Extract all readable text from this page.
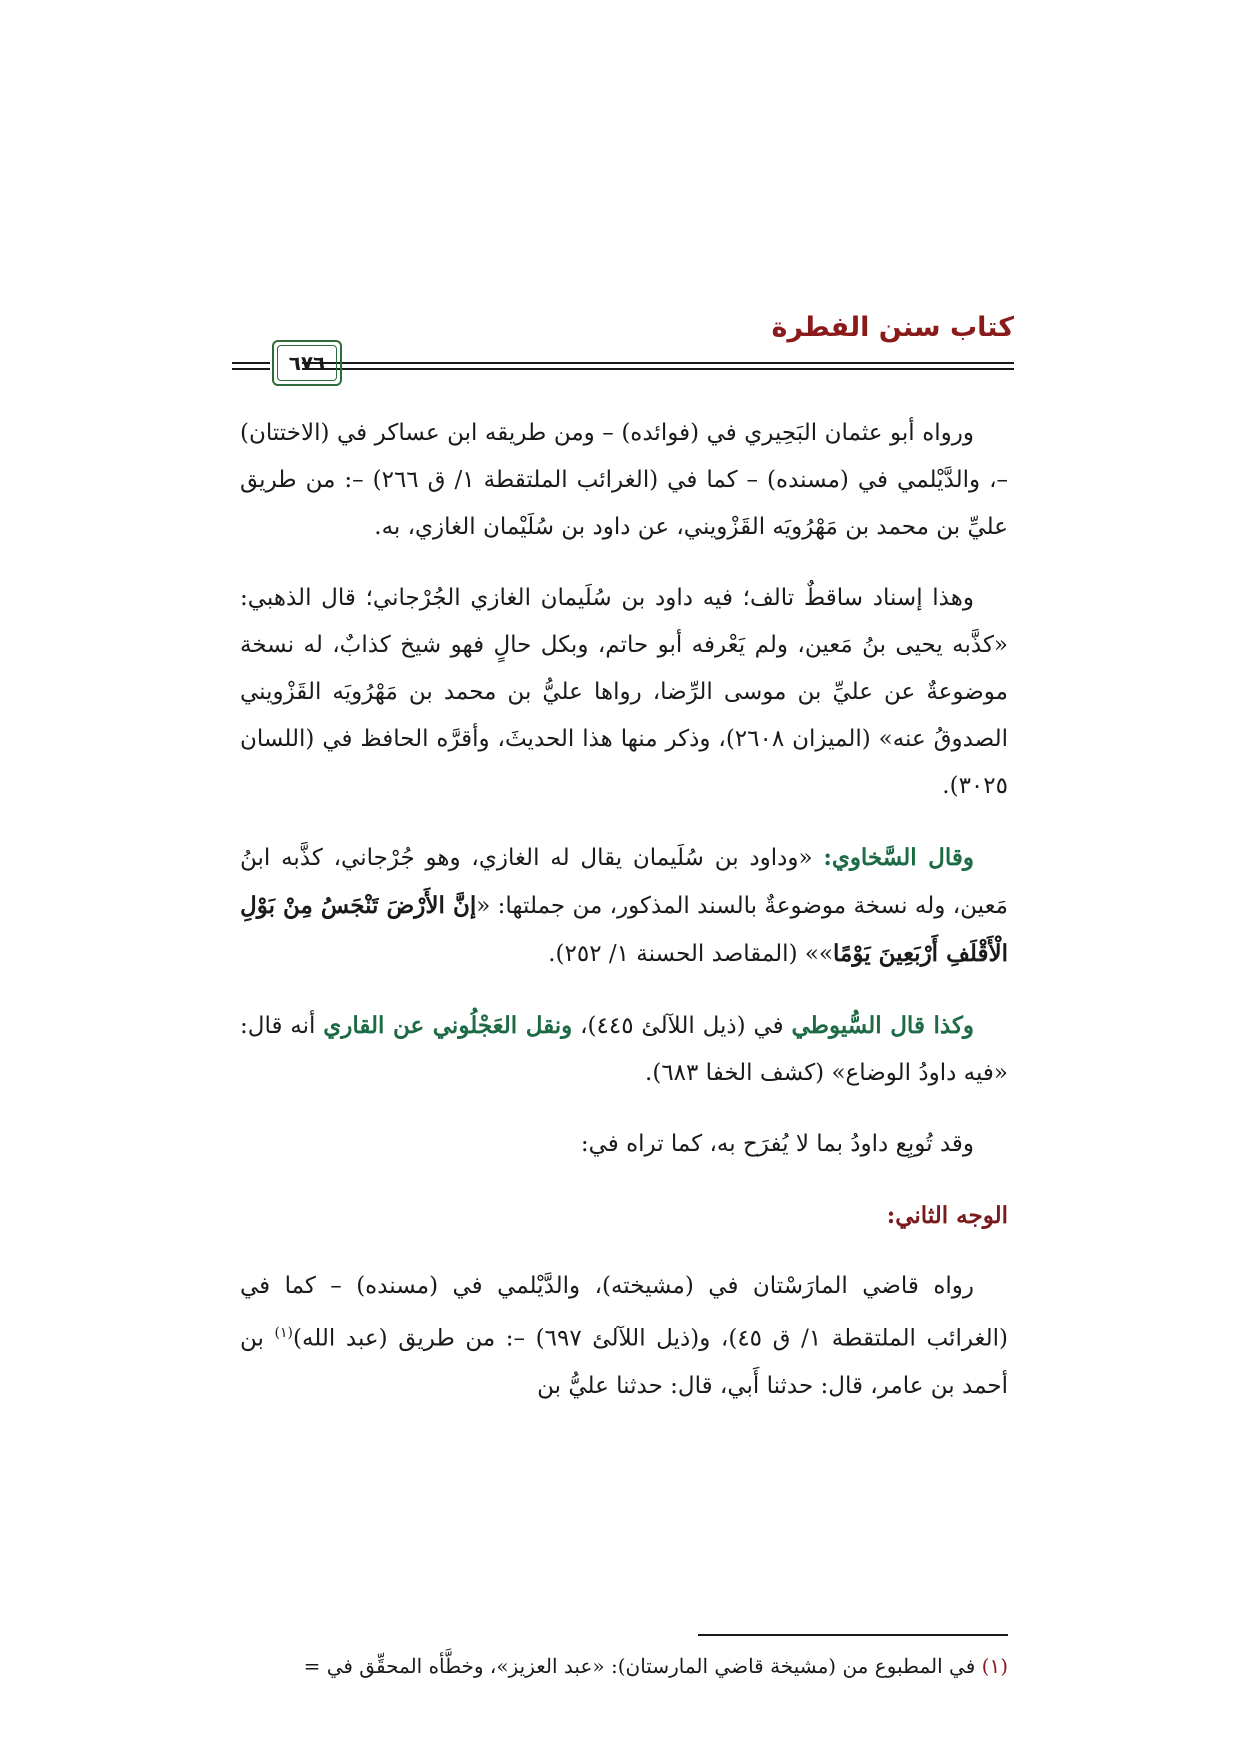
كتاب سنن الفطرة
٦٧٦

ورواه أبو عثمان البَحِيري في (فوائده) – ومن طريقه ابن عساكر في (الاختتان) –، والدَّيْلمي في (مسنده) – كما في (الغرائب الملتقطة ١/ ق ٢٦٦) –: من طريق عليِّ بن محمد بن مَهْرُويَه القَزْويني، عن داود بن سُلَيْمان الغازي، به.

وهذا إسناد ساقطٌ تالف؛ فيه داود بن سُلَيمان الغازي الجُرْجاني؛ قال الذهبي: «كذَّبه يحيى بنُ مَعين، ولم يَعْرفه أبو حاتم، وبكل حالٍ فهو شيخ كذابٌ، له نسخة موضوعةٌ عن عليِّ بن موسى الرِّضا، رواها عليُّ بن محمد بن مَهْرُويَه القَزْويني الصدوقُ عنه» (الميزان ٢٦٠٨)، وذكر منها هذا الحديثَ، وأقرَّه الحافظ في (اللسان ٣٠٢٥).

وقال السَّخاوي: «وداود بن سُلَيمان يقال له الغازي، وهو جُرْجاني، كذَّبه ابنُ مَعين، وله نسخة موضوعةٌ بالسند المذكور، من جملتها: «إنَّ الأَرْضَ تَنْجَسُ مِنْ بَوْلِ الْأَقْلَفِ أَرْبَعِينَ يَوْمًا»» (المقاصد الحسنة ١/ ٢٥٢).

وكذا قال السُّيوطي في (ذيل اللآلئ ٤٤٥)، ونقل العَجْلُوني عن القاري أنه قال: «فيه داودُ الوضاع» (كشف الخفا ٦٨٣).

وقد تُوبِع داودُ بما لا يُفرَح به، كما تراه في:

الوجه الثاني:

رواه قاضي المارَسْتان في (مشيخته)، والدَّيْلمي في (مسنده) – كما في (الغرائب الملتقطة ١/ ق ٤٥)، و(ذيل اللآلئ ٦٩٧) –: من طريق (عبد الله)$^{(١)}$ بن أحمد بن عامر، قال: حدثنا أَبي، قال: حدثنا عليُّ بن

(١) في المطبوع من (مشيخة قاضي المارستان): «عبد العزيز»، وخطَّأه المحقِّق في =
